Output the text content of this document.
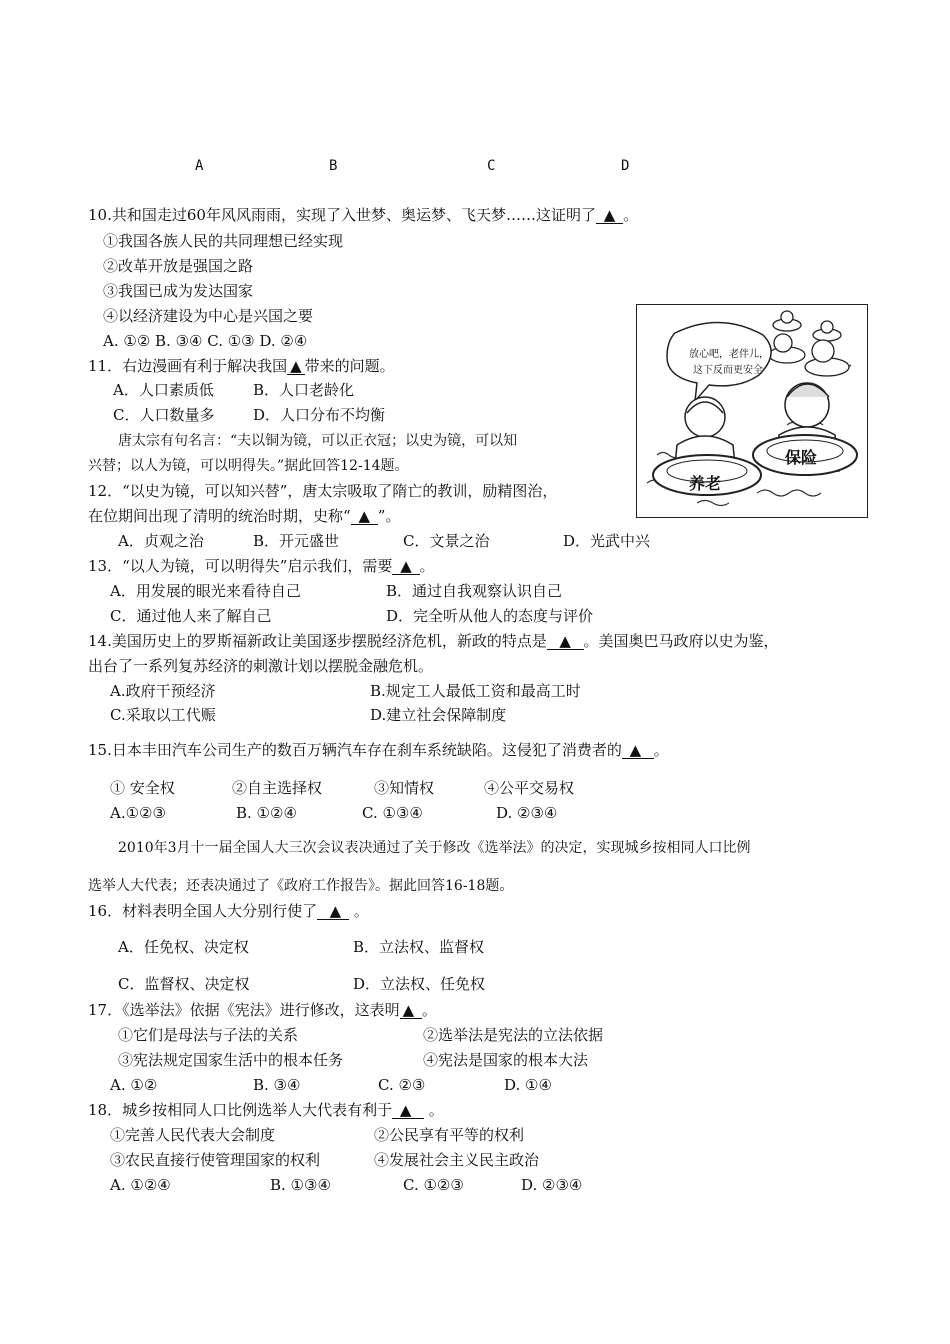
A	B	C	D
10.共和国走过60年风风雨雨，实现了入世梦、奥运梦、飞天梦……这证明了 ▲ 。
①我国各族人民的共同理想已经实现
②改革开放是强国之路
③我国已成为发达国家
④以经济建设为中心是兴国之要
A. ①② B. ③④ C. ①③ D. ②④
11．右边漫画有利于解决我国 ▲ 带来的问题。
A．人口素质低	B．人口老龄化
C．人口数量多	D．人口分布不均衡
唐太宗有句名言：“夫以铜为镜，可以正衣冠；以史为镜，可以知
兴替；以人为镜，可以明得失。”据此回答12-14题。
12．“以史为镜，可以知兴替”，唐太宗吸取了隋亡的教训，励精图治，
在位期间出现了清明的统治时期，史称“ ▲ ”。
A．贞观之治	B．开元盛世	C．文景之治	D．光武中兴
13．“以人为镜，可以明得失”启示我们，需要 ▲ 。
A．用发展的眼光来看待自己	B．通过自我观察认识自己
C．通过他人来了解自己	D．完全听从他人的态度与评价
14.美国历史上的罗斯福新政让美国逐步摆脱经济危机，新政的特点是 ▲ 。美国奥巴马政府以史为鉴，
出台了一系列复苏经济的刺激计划以摆脱金融危机。
A.政府干预经济	B.规定工人最低工资和最高工时
C.采取以工代赈	D.建立社会保障制度
15.日本丰田汽车公司生产的数百万辆汽车存在刹车系统缺陷。这侵犯了消费者的 ▲ 。
① 安全权	②自主选择权	③知情权	④公平交易权
A.①②③	B. ①②④	C. ①③④	D. ②③④
2010年3月十一届全国人大三次会议表决通过了关于修改《选举法》的决定，实现城乡按相同人口比例
选举人大代表；还表决通过了《政府工作报告》。据此回答16-18题。
16．材料表明全国人大分别行使了 ▲ 。
A．任免权、决定权	B．立法权、监督权
C．监督权、决定权	D．立法权、任免权
17．《选举法》依据《宪法》进行修改，这表明 ▲ 。
①它们是母法与子法的关系	②选举法是宪法的立法依据
③宪法规定国家生活中的根本任务	④宪法是国家的根本大法
A. ①②	B. ③④	C. ②③	D. ①④
18．城乡按相同人口比例选举人大代表有利于 ▲ 。
①完善人民代表大会制度	②公民享有平等的权利
③农民直接行使管理国家的权利	④发展社会主义民主政治
A. ①②④	B. ①③④	C. ①②③	D. ②③④
放心吧，老伴儿，
这下反而更安全
养老
保险
